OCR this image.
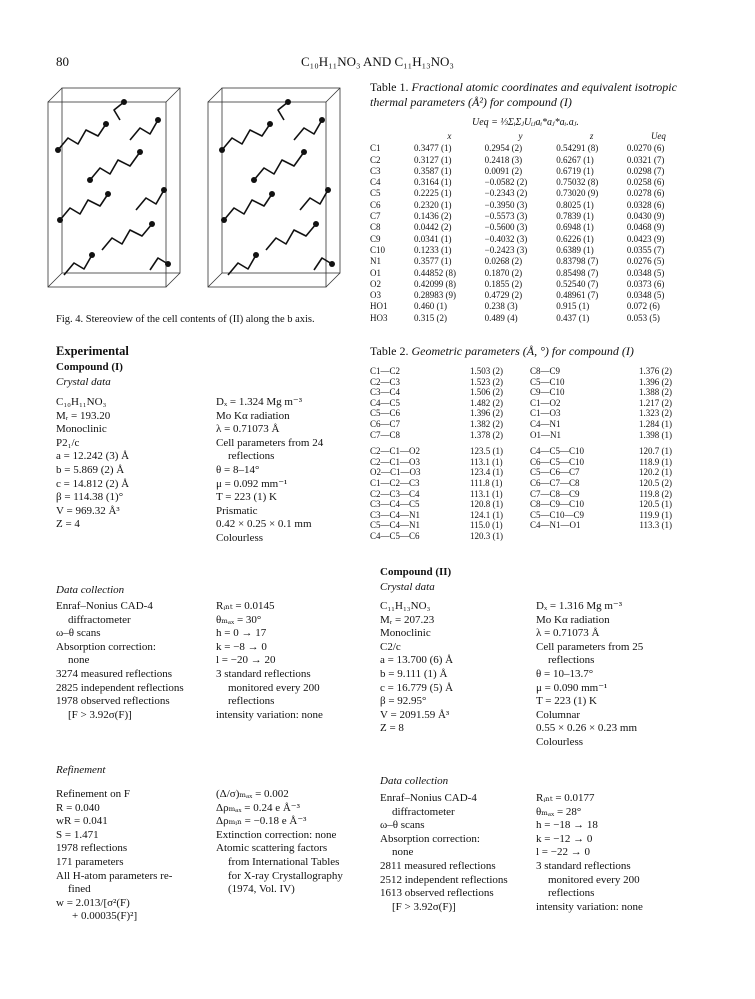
80	C₁₀H₁₁NO₃ AND C₁₁H₁₃NO₃
Fig. 4. Stereoview of the cell contents of (II) along the b axis.
Table 1. Fractional atomic coordinates and equivalent isotropic thermal parameters (Å²) for compound (I)
Ueq = ⅓ΣᵢΣⱼUᵢⱼaᵢ*aⱼ*aᵢ.aⱼ.
	x	y	z	Ueq
C1	0.3477 (1)	0.2954 (2)	0.54291 (8)	0.0270 (6)
C2	0.3127 (1)	0.2418 (3)	0.6267 (1)	0.0321 (7)
C3	0.3587 (1)	0.0091 (2)	0.6719 (1)	0.0298 (7)
C4	0.3164 (1)	−0.0582 (2)	0.75032 (8)	0.0258 (6)
C5	0.2225 (1)	−0.2343 (2)	0.73020 (9)	0.0278 (6)
C6	0.2320 (1)	−0.3950 (3)	0.8025 (1)	0.0328 (6)
C7	0.1436 (2)	−0.5573 (3)	0.7839 (1)	0.0430 (9)
C8	0.0442 (2)	−0.5600 (3)	0.6948 (1)	0.0468 (9)
C9	0.0341 (1)	−0.4032 (3)	0.6226 (1)	0.0423 (9)
C10	0.1233 (1)	−0.2423 (3)	0.6389 (1)	0.0355 (7)
N1	0.3577 (1)	0.0268 (2)	0.83798 (7)	0.0276 (5)
O1	0.44852 (8)	0.1870 (2)	0.85498 (7)	0.0348 (5)
O2	0.42099 (8)	0.1855 (2)	0.52540 (7)	0.0373 (6)
O3	0.28983 (9)	0.4729 (2)	0.48961 (7)	0.0348 (5)
HO1	0.460 (1)	0.238 (3)	0.915 (1)	0.072 (6)
HO3	0.315 (2)	0.489 (4)	0.437 (1)	0.053 (5)
Table 2. Geometric parameters (Å, °) for compound (I)
C1—C2	1.503 (2)	C8—C9	1.376 (2)
C2—C3	1.523 (2)	C5—C10	1.396 (2)
C3—C4	1.506 (2)	C9—C10	1.388 (2)
C4—C5	1.482 (2)	C1—O2	1.217 (2)
C5—C6	1.396 (2)	C1—O3	1.323 (2)
C6—C7	1.382 (2)	C4—N1	1.284 (1)
C7—C8	1.378 (2)	O1—N1	1.398 (1)

C2—C1—O2	123.5 (1)	C4—C5—C10	120.7 (1)
C2—C1—O3	113.1 (1)	C6—C5—C10	118.9 (1)
O2—C1—O3	123.4 (1)	C5—C6—C7	120.2 (1)
C1—C2—C3	111.8 (1)	C6—C7—C8	120.5 (2)
C2—C3—C4	113.1 (1)	C7—C8—C9	119.8 (2)
C3—C4—C5	120.8 (1)	C8—C9—C10	120.5 (1)
C3—C4—N1	124.1 (1)	C5—C10—C9	119.9 (1)
C5—C4—N1	115.0 (1)	C4—N1—O1	113.3 (1)
C4—C5—C6	120.3 (1)		
Experimental
Compound (I)
Crystal data
C₁₀H₁₁NO₃
Mᵣ = 193.20
Monoclinic
P2₁/c
a = 12.242 (3) Å
b = 5.869 (2) Å
c = 14.812 (2) Å
β = 114.38 (1)°
V = 969.32 Å³
Z = 4
Dₓ = 1.324 Mg m⁻³
Mo Kα radiation
λ = 0.71073 Å
Cell parameters from 24
reflections
θ = 8–14°
μ = 0.092 mm⁻¹
T = 223 (1) K
Prismatic
0.42 × 0.25 × 0.1 mm
Colourless
Data collection
Enraf–Nonius CAD-4
diffractometer
ω–θ scans
Absorption correction:
none
3274 measured reflections
2825 independent reflections
1978 observed reflections
[F > 3.92σ(F)]
Rᵢₙₜ = 0.0145
θₘₐₓ = 30°
h = 0 → 17
k = −8 → 0
l = −20 → 20
3 standard reflections
monitored every 200
reflections
intensity variation: none
Refinement
Refinement on F
R = 0.040
wR = 0.041
S = 1.471
1978 reflections
171 parameters
All H-atom parameters re-
fined
w = 2.013/[σ²(F)
+ 0.00035(F)²]
(Δ/σ)ₘₐₓ = 0.002
Δρₘₐₓ = 0.24 e Å⁻³
Δρₘᵢₙ = −0.18 e Å⁻³
Extinction correction: none
Atomic scattering factors
from International Tables
for X-ray Crystallography
(1974, Vol. IV)
Compound (II)
Crystal data
C₁₁H₁₃NO₃
Mᵣ = 207.23
Monoclinic
C2/c
a = 13.700 (6) Å
b = 9.111 (1) Å
c = 16.779 (5) Å
β = 92.95°
V = 2091.59 Å³
Z = 8
Dₓ = 1.316 Mg m⁻³
Mo Kα radiation
λ = 0.71073 Å
Cell parameters from 25
reflections
θ = 10–13.7°
μ = 0.090 mm⁻¹
T = 223 (1) K
Columnar
0.55 × 0.26 × 0.23 mm
Colourless
Data collection
Enraf–Nonius CAD-4
diffractometer
ω–θ scans
Absorption correction:
none
2811 measured reflections
2512 independent reflections
1613 observed reflections
[F > 3.92σ(F)]
Rᵢₙₜ = 0.0177
θₘₐₓ = 28°
h = −18 → 18
k = −12 → 0
l = −22 → 0
3 standard reflections
monitored every 200
reflections
intensity variation: none
